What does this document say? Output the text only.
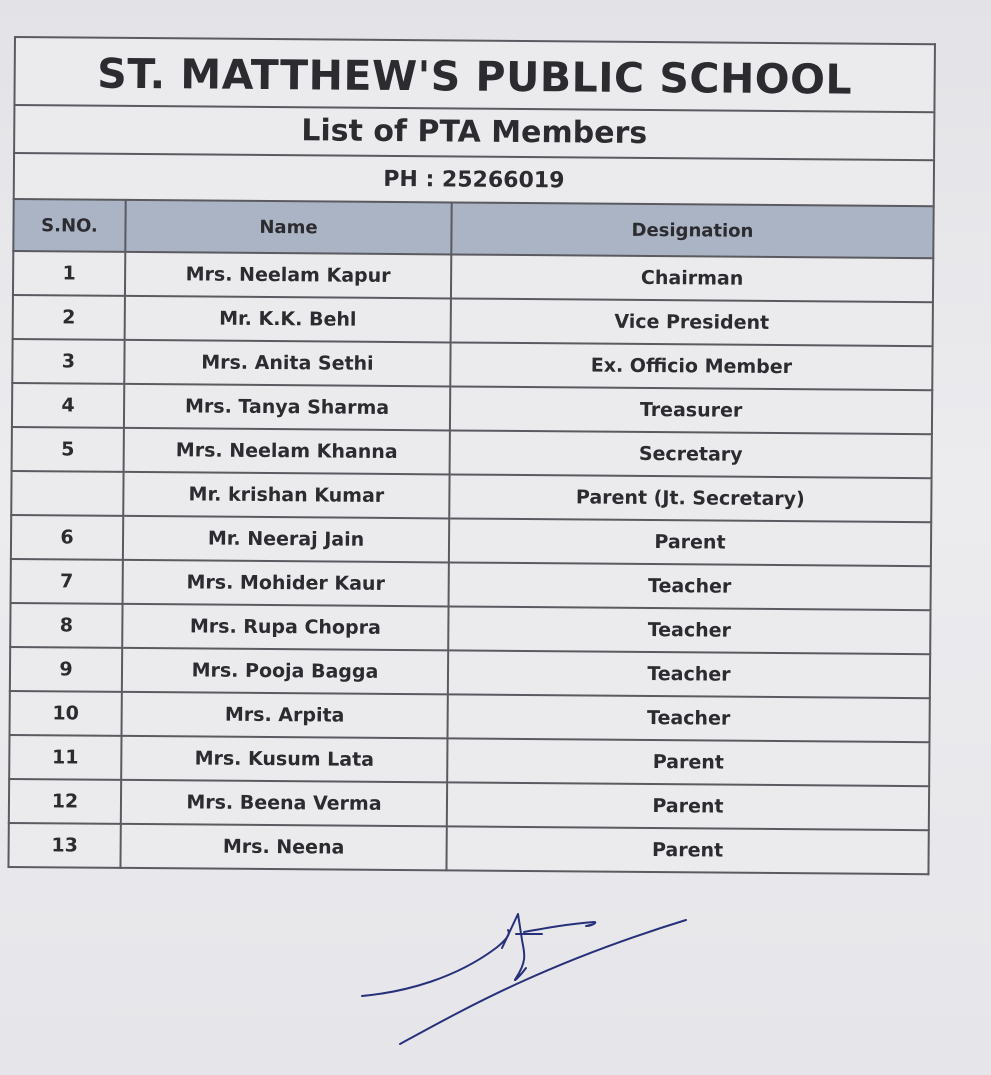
ST. MATTHEW'S PUBLIC SCHOOL
List of PTA Members
PH : 25266019
S.NO.	Name	Designation
1	Mrs. Neelam Kapur	Chairman
2	Mr. K.K. Behl	Vice President
3	Mrs. Anita Sethi	Ex. Officio Member
4	Mrs. Tanya Sharma	Treasurer
5	Mrs. Neelam Khanna	Secretary
	Mr. krishan Kumar	Parent (Jt. Secretary)
6	Mr. Neeraj Jain	Parent
7	Mrs. Mohider Kaur	Teacher
8	Mrs. Rupa Chopra	Teacher
9	Mrs. Pooja Bagga	Teacher
10	Mrs. Arpita	Teacher
11	Mrs. Kusum Lata	Parent
12	Mrs. Beena Verma	Parent
13	Mrs. Neena	Parent
